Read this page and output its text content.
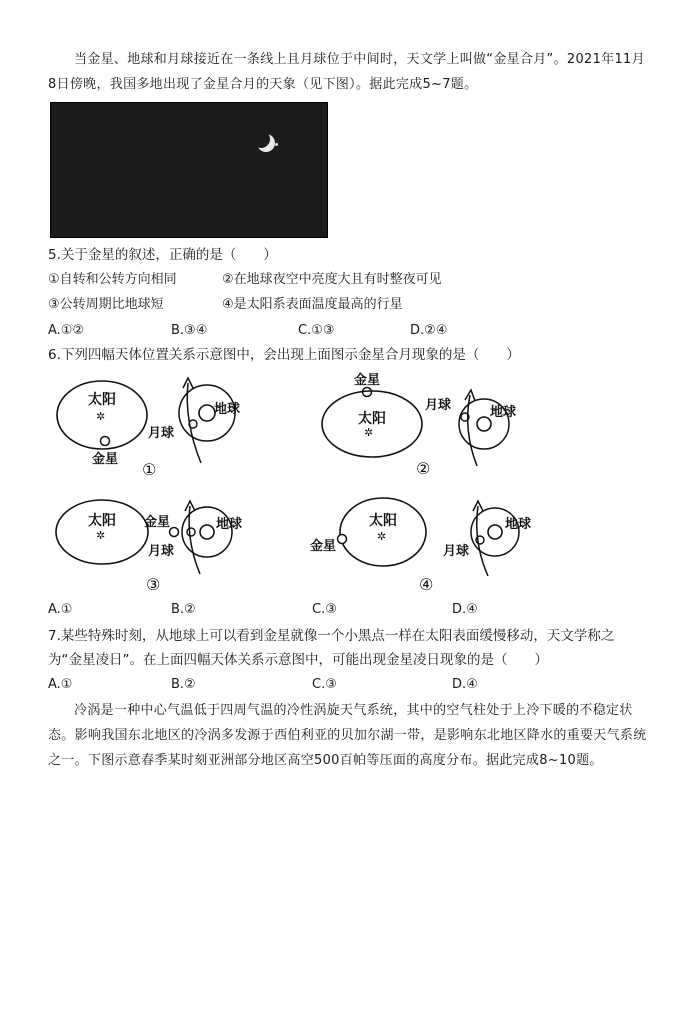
当金星、地球和月球接近在一条线上且月球位于中间时，天文学上叫做“金星合月”。2021年11月8日傍晚，我国多地出现了金星合月的天象（见下图）。据此完成5~7题。
5.关于金星的叙述，正确的是（　　）
①自转和公转方向相同	②在地球夜空中亮度大且有时整夜可见
③公转周期比地球短	④是太阳系表面温度最高的行星
A.①②	B.③④	C.①③	D.②④
6.下列四幅天体位置关系示意图中，会出现上面图示金星合月现象的是（　　）
太阳
✲
金星
地球
月球
①
金星
太阳
✲
月球	地球
②
太阳
✲
金星	地球
月球
③
太阳
✲
金星
地球
月球
④
A.①	B.②	C.③	D.④
7.某些特殊时刻，从地球上可以看到金星就像一个小黑点一样在太阳表面缓慢移动，天文学称之为“金星凌日”。在上面四幅天体关系示意图中，可能出现金星凌日现象的是（　　）
A.①	B.②	C.③	D.④
冷涡是一种中心气温低于四周气温的冷性涡旋天气系统，其中的空气柱处于上冷下暖的不稳定状态。影响我国东北地区的冷涡多发源于西伯利亚的贝加尔湖一带，是影响东北地区降水的重要天气系统之一。下图示意春季某时刻亚洲部分地区高空500百帕等压面的高度分布。据此完成8~10题。
